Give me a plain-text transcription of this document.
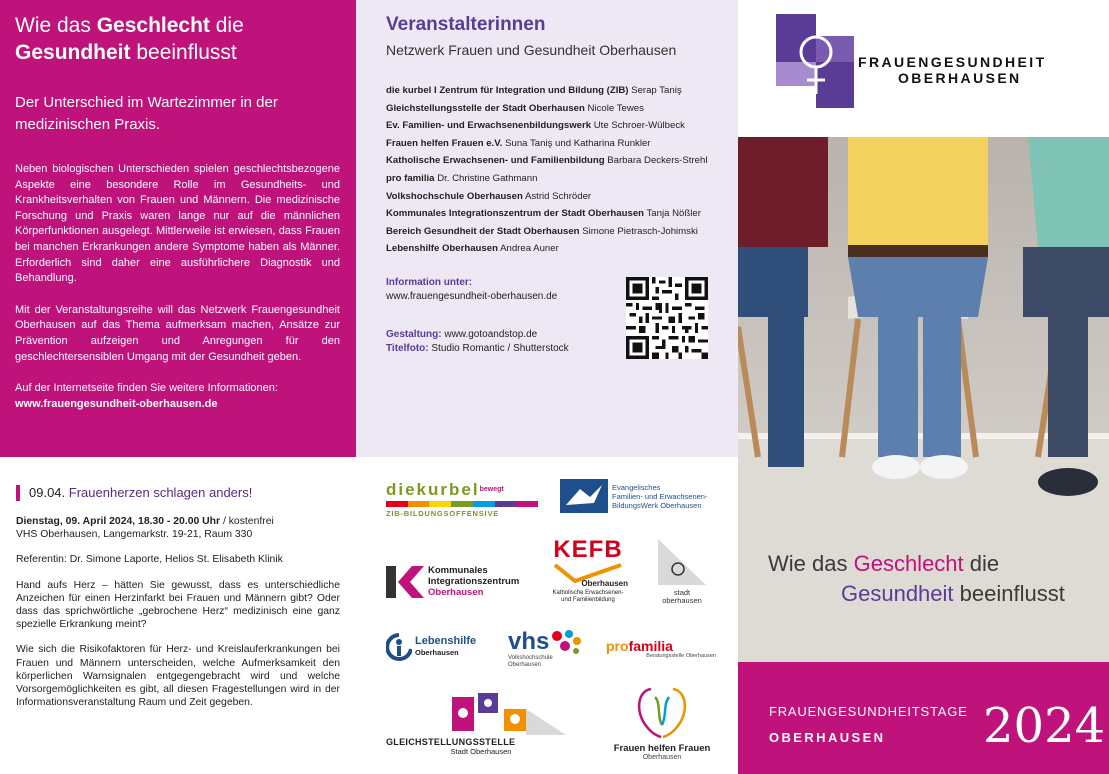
Wie das Geschlecht die
Gesundheit beeinflusst
Der Unterschied im Wartezimmer in der medizinischen Praxis.

Neben biologischen Unterschieden spielen geschlechtsbezogene Aspekte eine besondere Rolle im Gesundheits- und Krankheitsverhalten von Frauen und Männern. Die medizinische Forschung und Praxis waren lange nur auf die männlichen Körperfunktionen ausgelegt. Mittlerweile ist erwiesen, dass Frauen bei manchen Erkrankungen andere Symptome haben als Männer. Erforderlich sind daher eine ausführlichere Diagnostik und Behandlung.

Mit der Veranstaltungsreihe will das Netzwerk Frauengesundheit Oberhausen auf das Thema aufmerksam machen, Ansätze zur Prävention aufzeigen und Anregungen für den geschlechtersensiblen Umgang mit der Gesundheit geben.

Auf der Internetseite finden Sie weitere Informationen:
www.frauengesundheit-oberhausen.de

09.04. Frauenherzen schlagen anders!

Dienstag, 09. April 2024, 18.30 - 20.00 Uhr / kostenfrei
VHS Oberhausen, Langemarkstr. 19-21, Raum 330

Referentin: Dr. Simone Laporte, Helios St. Elisabeth Klinik

Hand aufs Herz – hätten Sie gewusst, dass es unterschiedliche Anzeichen für einen Herzinfarkt bei Frauen und Männern gibt? Oder dass das sprichwörtliche „gebrochene Herz“ medizinisch eine ganz spezielle Erkrankung meint?

Wie sich die Risikofaktoren für Herz- und Kreislauferkrankungen bei Frauen und Männern unterscheiden, welche Aufmerksamkeit den körperlichen Warnsignalen entgegengebracht wird und welche Vorsorgemöglichkeiten es gibt, all diesen Fragestellungen wird in der Informationsveranstaltung Raum und Zeit gegeben.

Veranstalterinnen
Netzwerk Frauen und Gesundheit Oberhausen
die kurbel I Zentrum für Integration und Bildung (ZIB) Serap Taniş
Gleichstellungsstelle der Stadt Oberhausen Nicole Tewes
Ev. Familien- und Erwachsenenbildungswerk Ute Schroer-Wülbeck
Frauen helfen Frauen e.V. Suna Taniş und Katharina Runkler
Katholische Erwachsenen- und Familienbildung Barbara Deckers-Strehl
pro familia Dr. Christine Gathmann
Volkshochschule Oberhausen Astrid Schröder
Kommunales Integrationszentrum der Stadt Oberhausen Tanja Nößler
Bereich Gesundheit der Stadt Oberhausen Simone Pietrasch-Johimski
Lebenshilfe Oberhausen Andrea Auner
Information unter:
www.frauengesundheit-oberhausen.de
Gestaltung: www.gotoandstop.de
Titelfoto: Studio Romantic / Shutterstock
diekurbel$^{bewegt}$
ZIB-BILDUNGSOFFENSIVE
Evangelisches
Familien- und Erwachsenen-
BildungsWerk Oberhausen
Kommunales
Integrationszentrum
Oberhausen
KEFB
Oberhausen
Katholische Erwachsenen-
und Familienbildung
stadt
oberhausen
Lebenshilfe
Oberhausen	vhs
Volkshochschule
Oberhausen
profamilia
Beratungsstelle Oberhausen
GLEICHSTELLUNGSSTELLE
Stadt Oberhausen	Frauen helfen Frauen
Oberhausen
FRAUENGESUNDHEIT
OBERHAUSEN
Wie das Geschlecht die
Gesundheit beeinflusst
FRAUENGESUNDHEITSTAGE
OBERHAUSEN 2024
